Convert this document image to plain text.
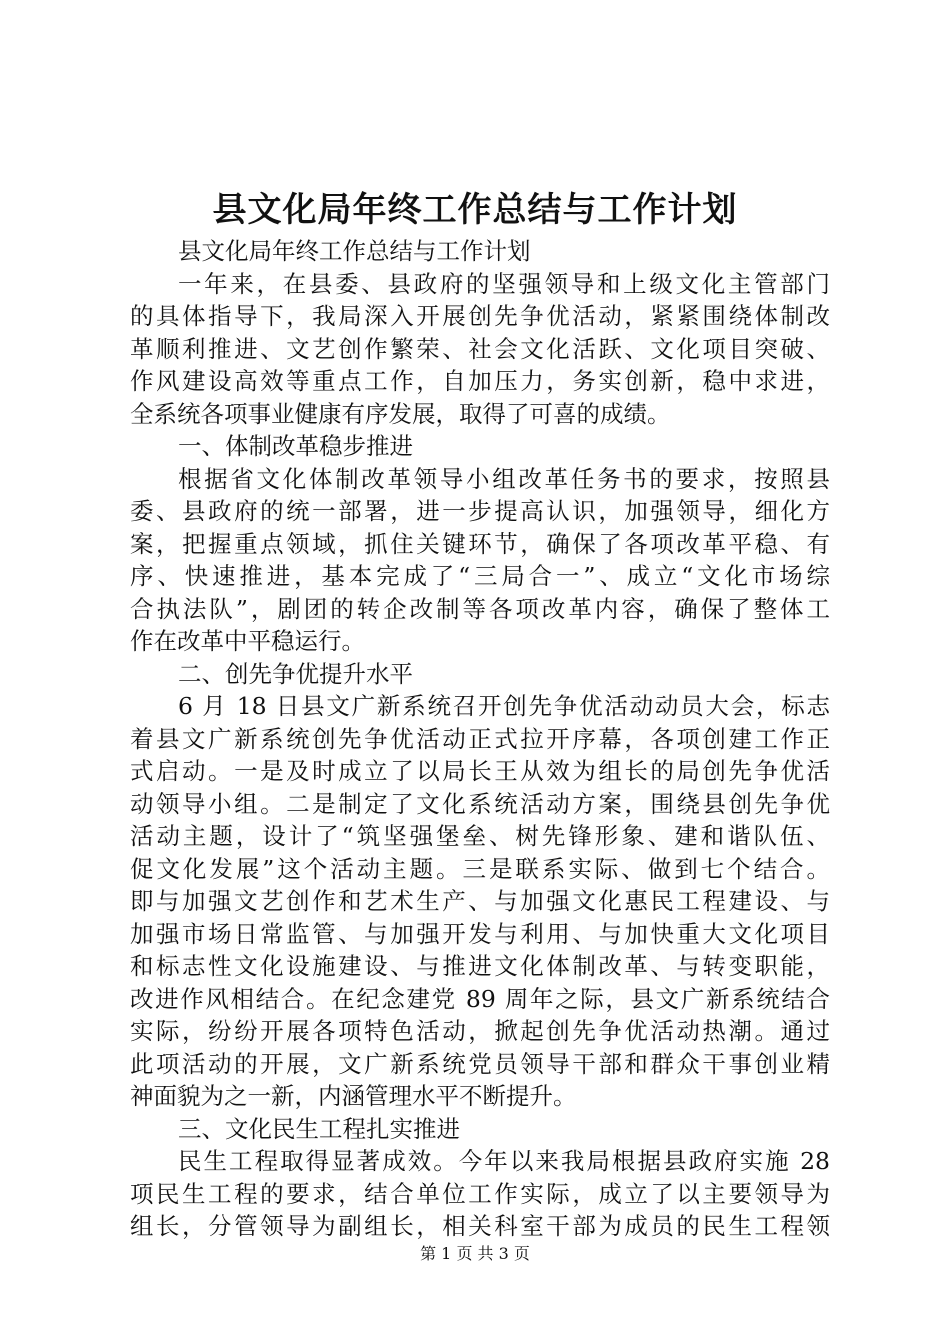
县文化局年终工作总结与工作计划
县文化局年终工作总结与工作计划
一年来，在县委、县政府的坚强领导和上级文化主管部门
的具体指导下，我局深入开展创先争优活动，紧紧围绕体制改
革顺利推进、文艺创作繁荣、社会文化活跃、文化项目突破、
作风建设高效等重点工作，自加压力，务实创新，稳中求进，
全系统各项事业健康有序发展，取得了可喜的成绩。
一、体制改革稳步推进
根据省文化体制改革领导小组改革任务书的要求，按照县
委、县政府的统一部署，进一步提高认识，加强领导，细化方
案，把握重点领域，抓住关键环节，确保了各项改革平稳、有
序、快速推进，基本完成了“三局合一”、成立“文化市场综
合执法队”，剧团的转企改制等各项改革内容，确保了整体工
作在改革中平稳运行。
二、创先争优提升水平
6 月 18 日县文广新系统召开创先争优活动动员大会，标志
着县文广新系统创先争优活动正式拉开序幕，各项创建工作正
式启动。一是及时成立了以局长王从效为组长的局创先争优活
动领导小组。二是制定了文化系统活动方案，围绕县创先争优
活动主题，设计了“筑坚强堡垒、树先锋形象、建和谐队伍、
促文化发展”这个活动主题。三是联系实际、做到七个结合。
即与加强文艺创作和艺术生产、与加强文化惠民工程建设、与
加强市场日常监管、与加强开发与利用、与加快重大文化项目
和标志性文化设施建设、与推进文化体制改革、与转变职能，
改进作风相结合。在纪念建党 89 周年之际，县文广新系统结合
实际，纷纷开展各项特色活动，掀起创先争优活动热潮。通过
此项活动的开展，文广新系统党员领导干部和群众干事创业精
神面貌为之一新，内涵管理水平不断提升。
三、文化民生工程扎实推进
民生工程取得显著成效。今年以来我局根据县政府实施 28
项民生工程的要求，结合单位工作实际，成立了以主要领导为
组长，分管领导为副组长，相关科室干部为成员的民生工程领
第 1 页 共 3 页
